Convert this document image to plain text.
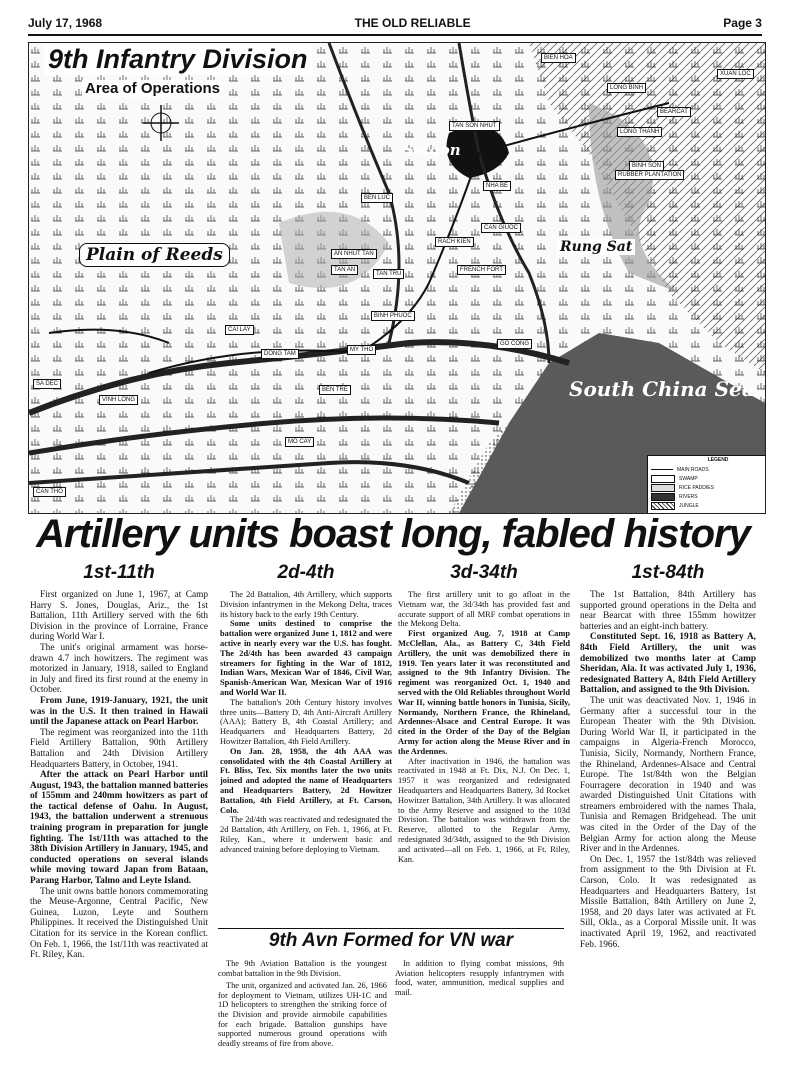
July 17, 1968	THE OLD RELIABLE	Page 3
BIEN HOA
XUAN LOC
LONG BINH
BEARCAT
LONG THANH
BINH SON
RUBBER PLANTATION
TAN SON NHUT
BEN LUC
NHA BE
CAN GIUOC
RACH KIEN
FRENCH FORT
AN NHUT TAN
TAN AN
TAN TRU
BINH PHUOC
CAI LAY
DONG TAM
MY THO
GO CONG
SA DEC
VINH LONG
BEN TRE
MO CAY
CAN THO
Saigon
Plain of Reeds	Rung Sat
South China Sea
LEGEND
MAIN ROADS
SWAMP
RICE PADDIES
RIVERS
JUNGLE
9th Infantry Division
Area of Operations
Artillery units boast long, fabled history
1st-11th

First organized on June 1, 1967, at Camp Harry S. Jones, Douglas, Ariz., the 1st Battalion, 11th Artillery served with the 6th Division in the province of Lorraine, France during World War I.

The unit's original armament was horse-drawn 4.7 inch howitzers. The regiment was motorized in January, 1918, sailed to England in July and fired its first round at the enemy in October.

From June, 1919-January, 1921, the unit was in the U.S. It then trained in Hawaii until the Japanese attack on Pearl Harbor.

The regiment was reorganized into the 11th Field Artillery Battalion, 90th Artillery Battalion and 24th Division Artillery Headquarters Battery, in October, 1941.

After the attack on Pearl Harbor until August, 1943, the battalion manned batteries of 155mm and 240mm howitzers as part of the tactical defense of Oahu. In August, 1943, the battalion underwent a strenuous training program in preparation for jungle fighting. The 1st/11th was attached to the 38th Division Artillery in January, 1945, and conducted operations on several islands while moving toward Japan from Bataan, Parang Harbor, Talmo and Leyte Island.

The unit owns battle honors commemorating the Meuse-Argonne, Central Pacific, New Guinea, Luzon, Leyte and Southern Philippines. It received the Distinguished Unit Citation for its service in the Korean conflict. On Feb. 1, 1966, the 1st/11th was reactivated at Ft. Riley, Kan.

2d-4th

The 2d Battalion, 4th Artillery, which supports Division infantrymen in the Mekong Delta, traces its history back to the early 19th Century.

Some units destined to comprise the battalion were organized June 1, 1812 and were active in nearly every war the U.S. has fought. The 2d/4th has been awarded 43 campaign streamers for fighting in the War of 1812, Indian Wars, Mexican War of 1846, Civil War, Spanish-American War, Mexican War of 1916 and World War II.

The battalion's 20th Century history involves three units—Battery D, 4th Anti-Aircraft Artillery (AAA); Battery B, 4th Coastal Artillery; and Headquarters and Headquarters Battery, 2d Howitzer Battalion, 4th Field Artillery.

On Jan. 28, 1958, the 4th AAA was consolidated with the 4th Coastal Artillery at Ft. Bliss, Tex. Six months later the two units joined and adopted the name of Headquarters and Headquarters Battery, 2d Howitzer Battalion, 4th Field Artillery, at Ft. Carson, Colo.

The 2d/4th was reactivated and redesignated the 2d Battalion, 4th Artillery, on Feb. 1, 1966, at Ft. Riley, Kan., where it underwent basic and advanced training before deploying to Vietnam.

3d-34th

The first artillery unit to go afloat in the Vietnam war, the 3d/34th has provided fast and accurate support of all MRF combat operations in the Mekong Delta.

First organized Aug. 7, 1918 at Camp McClellan, Ala., as Battery C, 34th Field Artillery, the unit was demobilized there in 1919. Ten years later it was reconstituted and assigned to the 9th Infantry Division. The regiment was reorganized Oct. 1, 1940 and served with the Old Reliables throughout World War II, winning battle honors in Tunisia, Sicily, Normandy, Northern France, the Rhineland, Ardennes-Alsace and Central Europe. It was cited in the Order of the Day of the Belgian Army for action along the Meuse River and in the Ardennes.

After inactivation in 1946, the battalion was reactivated in 1948 at Ft. Dix, N.J. On Dec. 1, 1957 it was reorganized and redesignated Headquarters and Headquarters Battery, 3d Rocket Howitzer Battalion, 34th Artillery. It was allocated to the Army Reserve and assigned to the 103d Division. The battalion was withdrawn from the Reserve, allotted to the Regular Army, redesignated 3d/34th, assigned to the 9th Division and activated—all on Feb. 1, 1966, at Ft. Riley, Kan.

1st-84th

The 1st Battalion, 84th Artillery has supported ground operations in the Delta and near Bearcat with three 155mm howitzer batteries and an eight-inch battery.

Constituted Sept. 16, 1918 as Battery A, 84th Field Artillery, the unit was demobilized two months later at Camp Sheridan, Ala. It was activated July 1, 1936, redesignated Battery A, 84th Field Artillery Battalion, and assigned to the 9th Division.

The unit was deactivated Nov. 1, 1946 in Germany after a successful tour in the European Theater with the 9th Division. During World War II, it participated in the campaigns in Algeria-French Morocco, Tunisia, Sicily, Normandy, Northern France, the Rhineland, Ardennes-Alsace and Central Europe. The 1st/84th won the Belgian Fourragere decoration in 1940 and was awarded Distinguished Unit Citations with streamers embroidered with the names Thala, Tunisia and Remagen Bridgehead. The unit was cited in the Order of the Day of the Belgian Army for action along the Meuse River and in the Ardennes.

On Dec. 1, 1957 the 1st/84th was relieved from assignment to the 9th Division at Ft. Carson, Colo. It was redesignated as Headquarters and Headquarters Battery, 1st Missile Battalion, 84th Artillery on June 2, 1958, and 20 days later was activated at Ft. Sill, Okla., as a Corporal Missile unit. It was inactivated April 19, 1962, and reactivated Feb. 1966.

9th Avn Formed for VN war

The 9th Aviation Battalion is the youngest combat battalion in the 9th Division.

The unit, organized and activated Jan. 26, 1966 for deployment to Vietnam, utilizes UH-1C and 1D helicopters to strengthen the striking force of the Division and provide airmobile capabilities for each brigade. Battalion gunships have supported numerous ground operations with deadly streams of fire from above.

In addition to flying combat missions, 9th Aviation helicopters resupply infantrymen with food, water, ammunition, medical supplies and mail.
